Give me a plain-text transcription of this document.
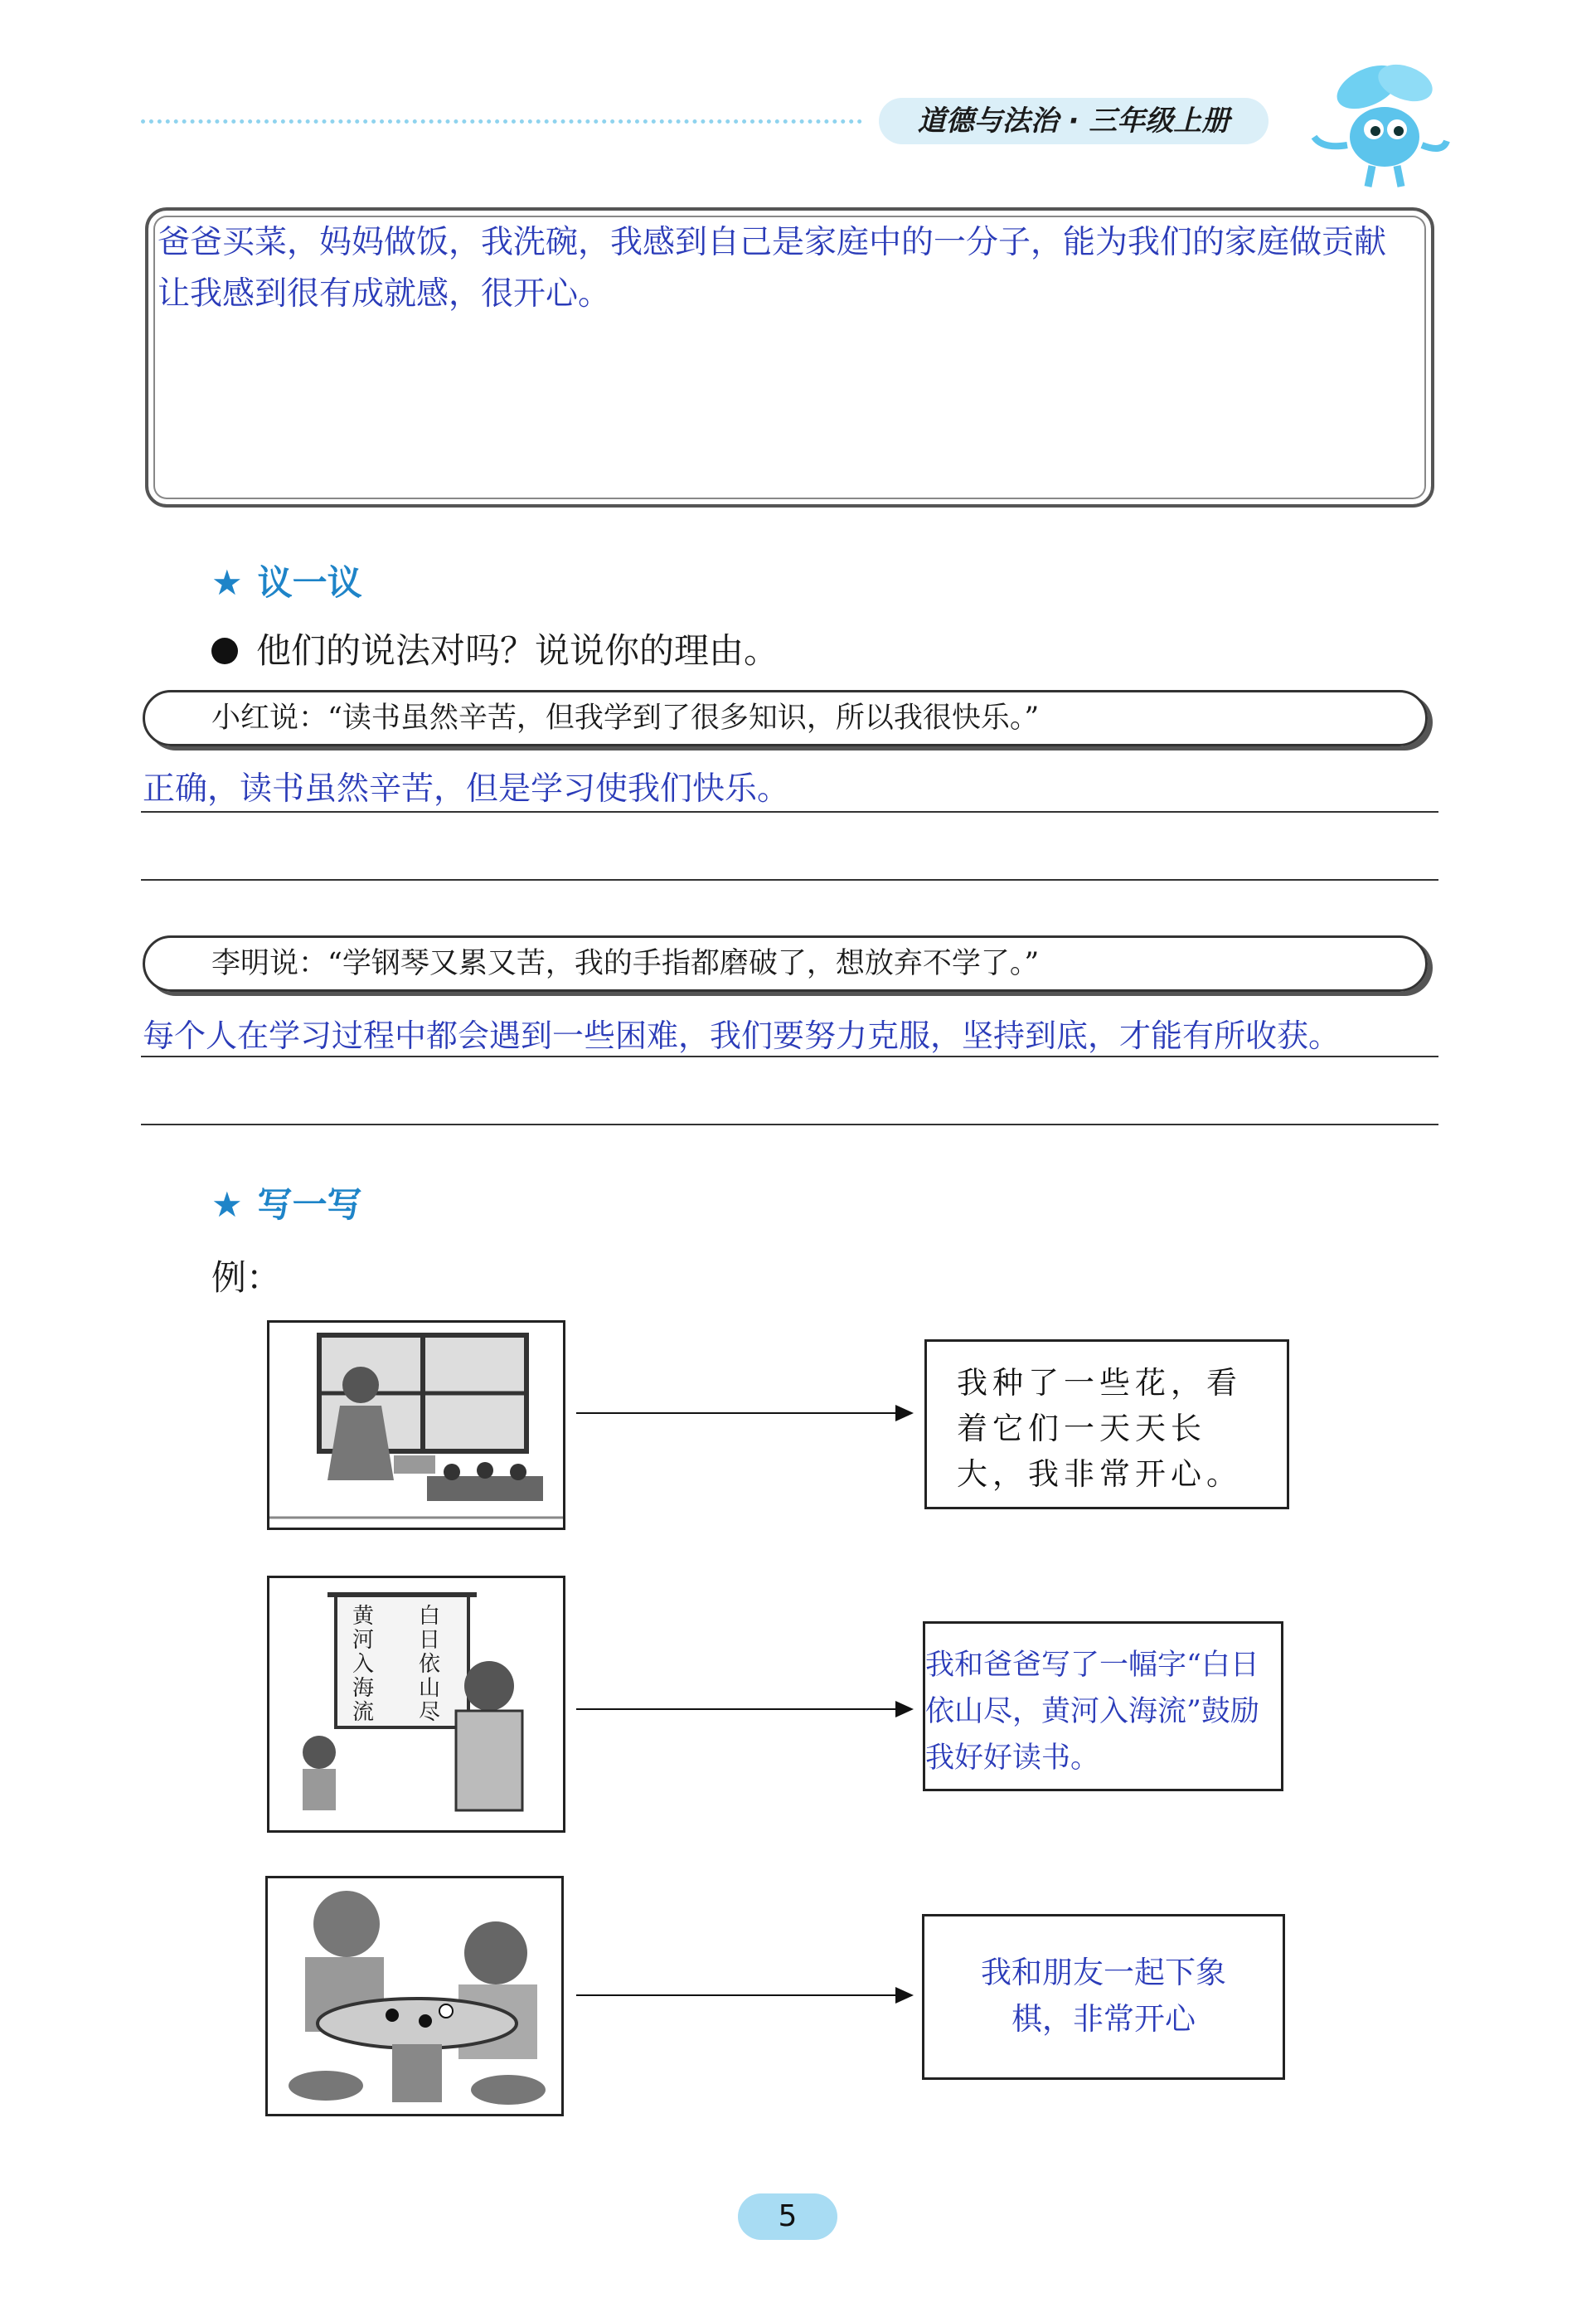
道德与法治 · 三年级上册
爸爸买菜，妈妈做饭，我洗碗，我感到自己是家庭中的一分子，能为我们的家庭做贡献让我感到很有成就感，很开心。
★ 议一议
他们的说法对吗？说说你的理由。
小红说：“读书虽然辛苦，但我学到了很多知识，所以我很快乐。”
正确，读书虽然辛苦，但是学习使我们快乐。
李明说：“学钢琴又累又苦，我的手指都磨破了，想放弃不学了。”
每个人在学习过程中都会遇到一些困难，我们要努力克服，坚持到底，才能有所收获。
★ 写一写
例：
我种了一些花，看着它们一天天长大，我非常开心。
黄河入海流
白日依山尽
我和爸爸写了一幅字“白日依山尽，黄河入海流”鼓励我好好读书。
我和朋友一起下象棋，非常开心
5
